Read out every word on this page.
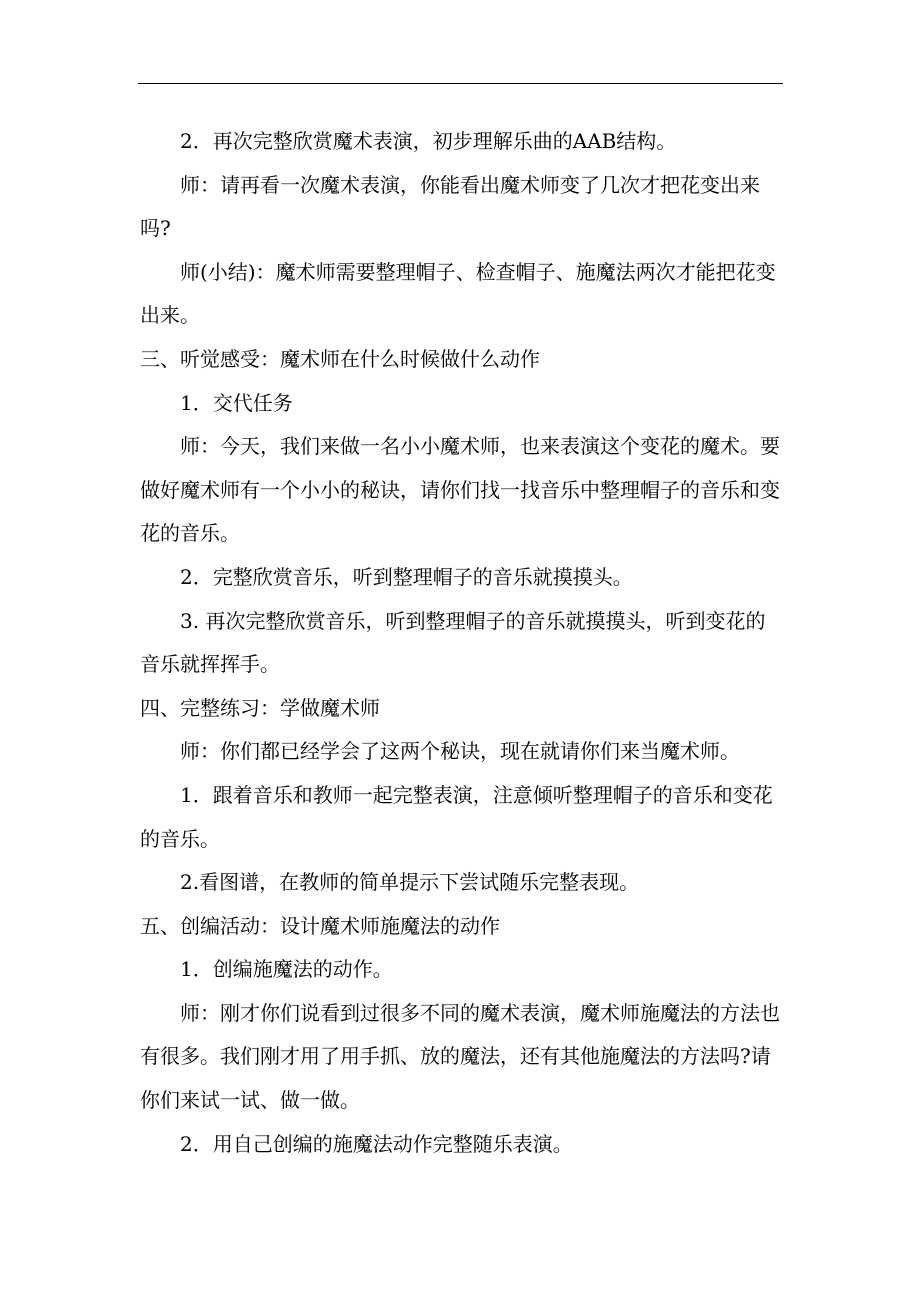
2．再次完整欣赏魔术表演，初步理解乐曲的AAB结构。

师：请再看一次魔术表演，你能看出魔术师变了几次才把花变出来吗?

师(小结)：魔术师需要整理帽子、检查帽子、施魔法两次才能把花变出来。

三、听觉感受：魔术师在什么时候做什么动作

1．交代任务

师：今天，我们来做一名小小魔术师，也来表演这个变花的魔术。要做好魔术师有一个小小的秘诀，请你们找一找音乐中整理帽子的音乐和变花的音乐。

2．完整欣赏音乐，听到整理帽子的音乐就摸摸头。

3. 再次完整欣赏音乐，听到整理帽子的音乐就摸摸头，听到变花的音乐就挥挥手。

四、完整练习：学做魔术师

师：你们都已经学会了这两个秘诀，现在就请你们来当魔术师。

1．跟着音乐和教师一起完整表演，注意倾听整理帽子的音乐和变花的音乐。

2.看图谱，在教师的简单提示下尝试随乐完整表现。

五、创编活动：设计魔术师施魔法的动作

1．创编施魔法的动作。

师：刚才你们说看到过很多不同的魔术表演，魔术师施魔法的方法也有很多。我们刚才用了用手抓、放的魔法，还有其他施魔法的方法吗?请你们来试一试、做一做。

2．用自己创编的施魔法动作完整随乐表演。
